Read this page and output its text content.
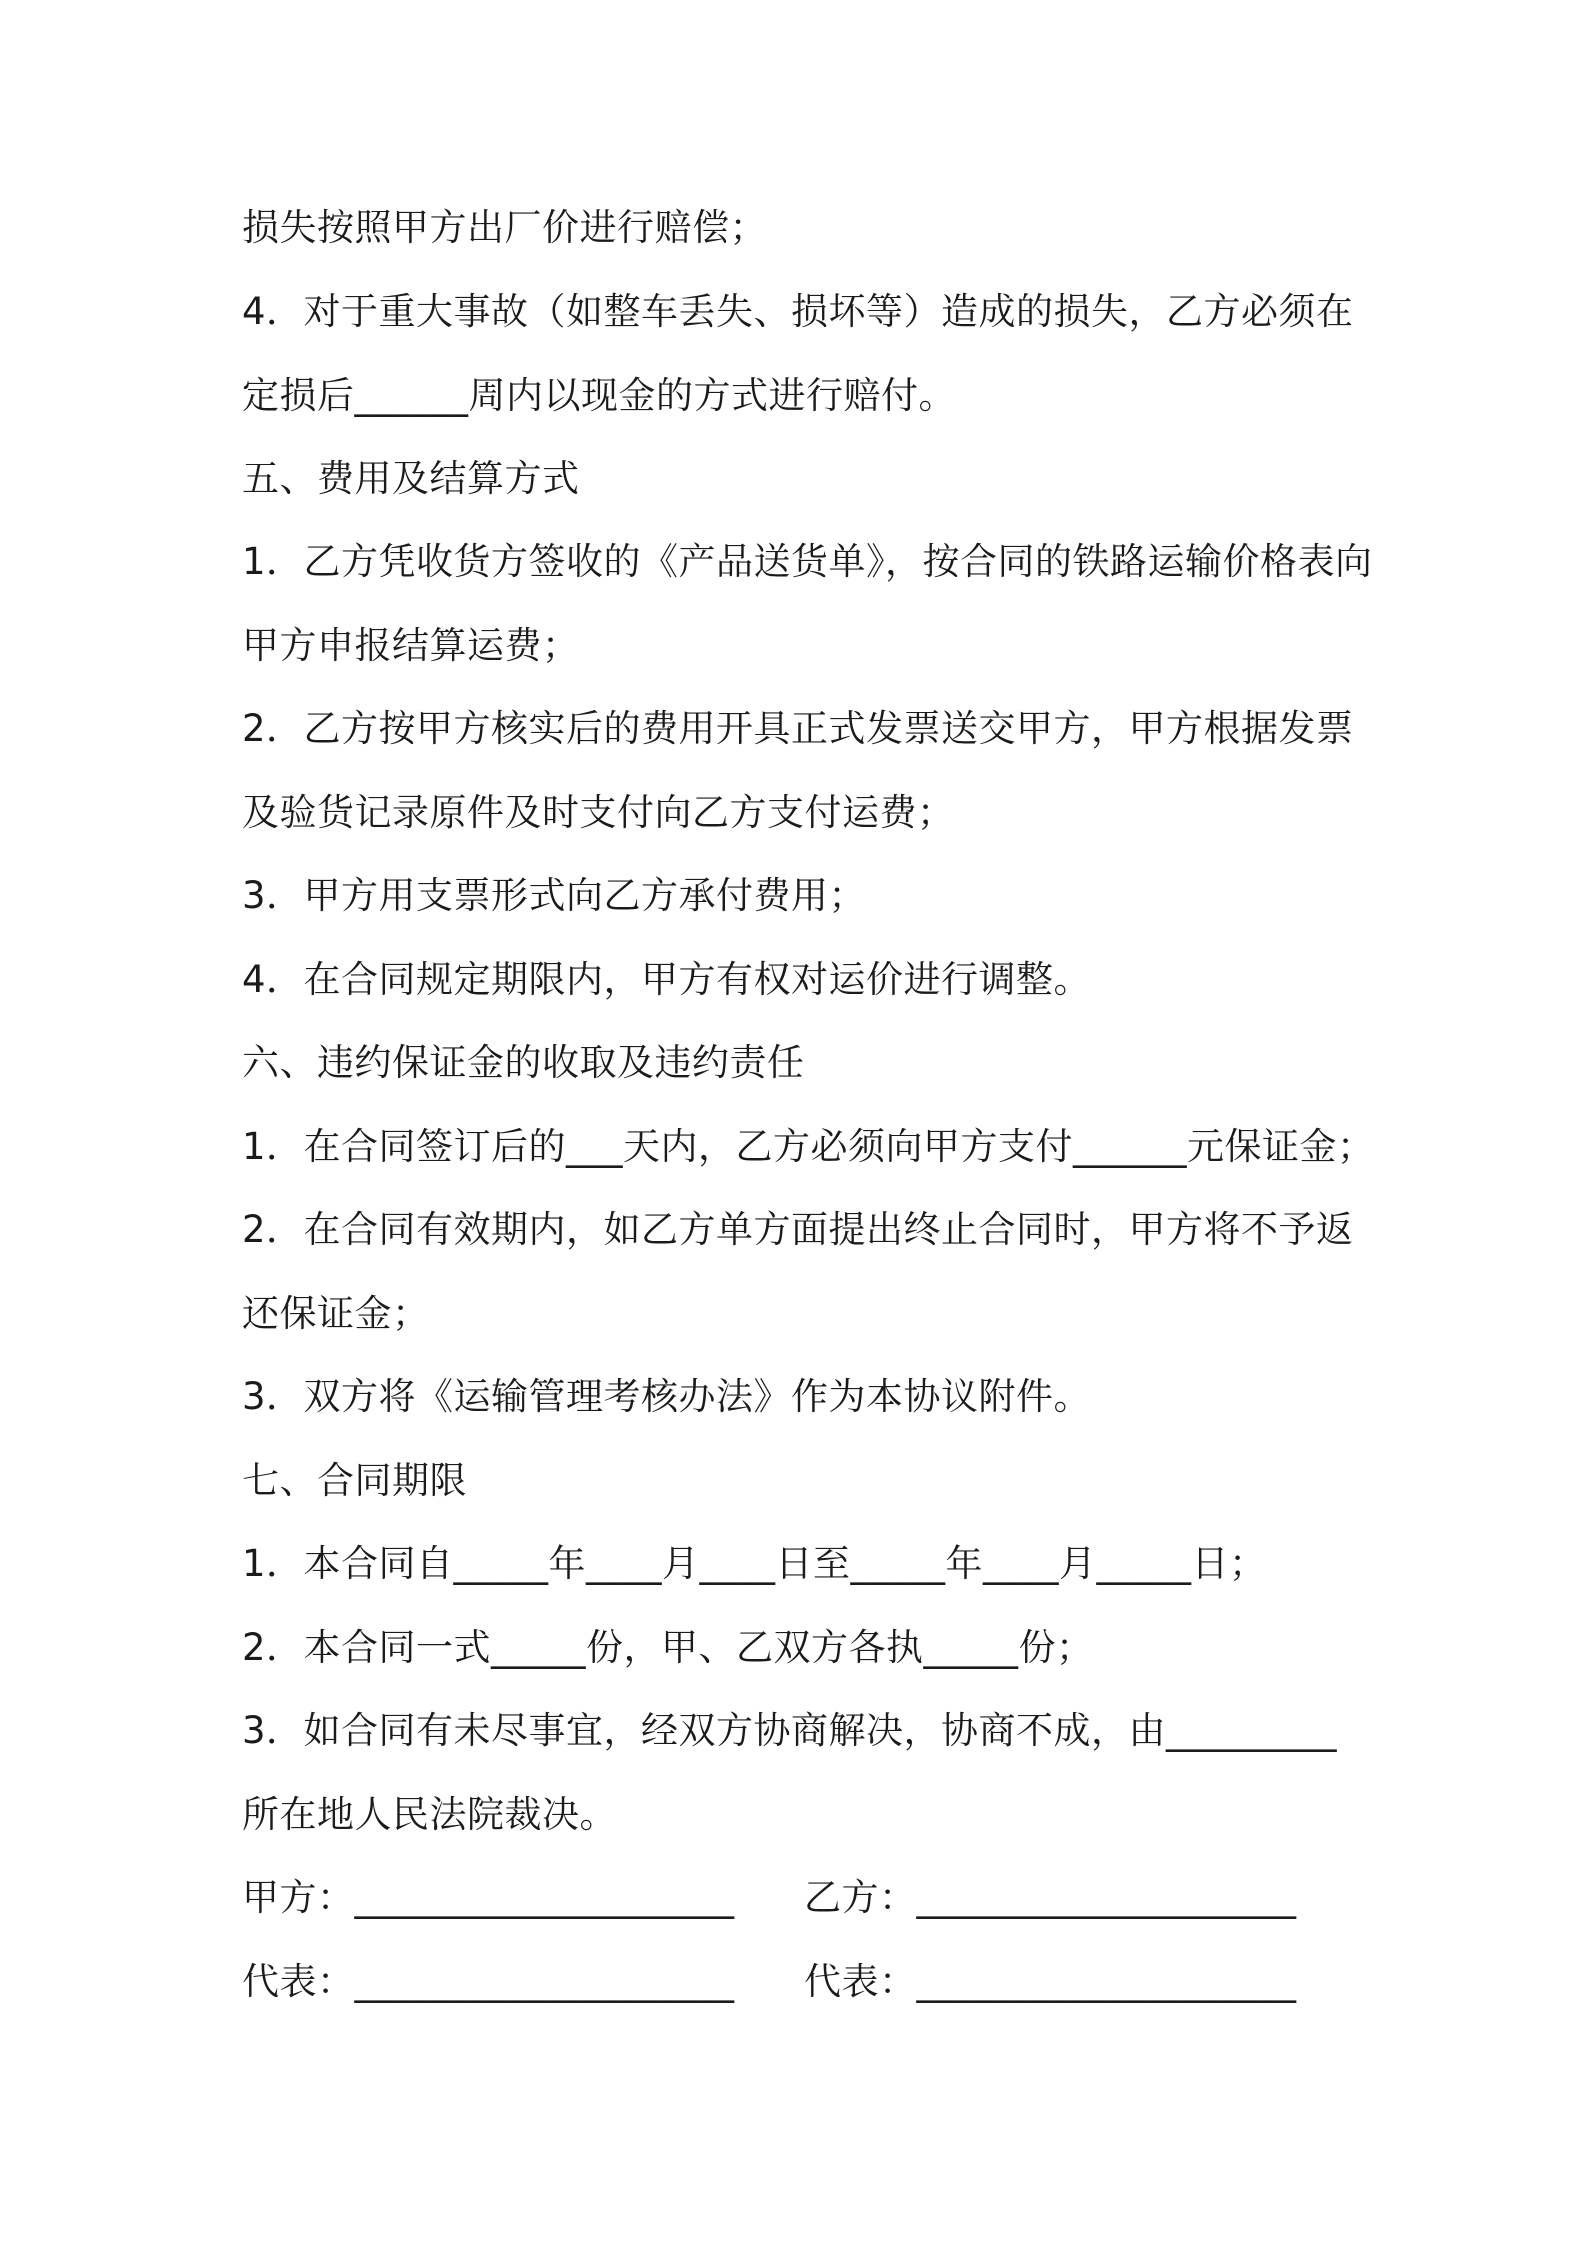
损失按照甲方出厂价进行赔偿；
4．对于重大事故（如整车丢失、损坏等）造成的损失，乙方必须在
定损后______周内以现金的方式进行赔付。
五、费用及结算方式
1．乙方凭收货方签收的《产品送货单》，按合同的铁路运输价格表向
甲方申报结算运费；
2．乙方按甲方核实后的费用开具正式发票送交甲方，甲方根据发票
及验货记录原件及时支付向乙方支付运费；
3．甲方用支票形式向乙方承付费用；
4．在合同规定期限内，甲方有权对运价进行调整。
六、违约保证金的收取及违约责任
1．在合同签订后的___天内，乙方必须向甲方支付______元保证金；
2．在合同有效期内，如乙方单方面提出终止合同时，甲方将不予返
还保证金；
3．双方将《运输管理考核办法》作为本协议附件。
七、合同期限
1．本合同自_____年____月____日至_____年____月_____日；
2．本合同一式_____份，甲、乙双方各执_____份；
3．如合同有未尽事宜，经双方协商解决，协商不成，由_________
所在地人民法院裁决。
甲方：____________________ 乙方：____________________
代表：____________________ 代表：____________________
